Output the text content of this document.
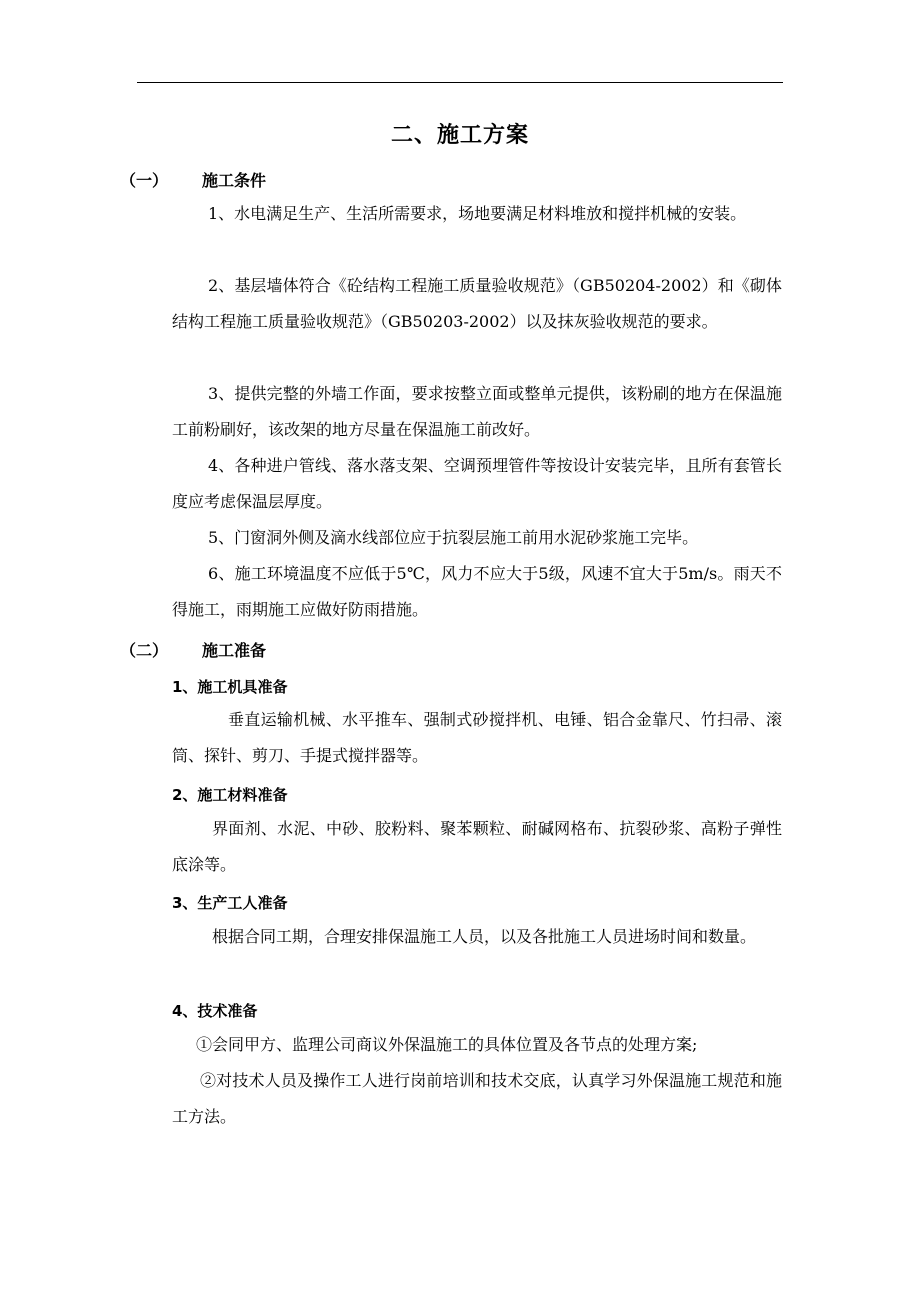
二、施工方案
（一） 施工条件
1、水电满足生产、生活所需要求，场地要满足材料堆放和搅拌机械的安装。
2、基层墙体符合《砼结构工程施工质量验收规范》（GB50204-2002）和《砌体结构工程施工质量验收规范》（GB50203-2002）以及抹灰验收规范的要求。
3、提供完整的外墙工作面，要求按整立面或整单元提供，该粉刷的地方在保温施工前粉刷好，该改架的地方尽量在保温施工前改好。
4、各种进户管线、落水落支架、空调预埋管件等按设计安装完毕，且所有套管长度应考虑保温层厚度。
5、门窗洞外侧及滴水线部位应于抗裂层施工前用水泥砂浆施工完毕。
6、施工环境温度不应低于5℃，风力不应大于5级，风速不宜大于5m/s。雨天不得施工，雨期施工应做好防雨措施。
（二） 施工准备
1、施工机具准备
垂直运输机械、水平推车、强制式砂搅拌机、电锤、铝合金靠尺、竹扫帚、滚筒、探针、剪刀、手提式搅拌器等。
2、施工材料准备
界面剂、水泥、中砂、胶粉料、聚苯颗粒、耐碱网格布、抗裂砂浆、高粉子弹性底涂等。
3、生产工人准备
根据合同工期，合理安排保温施工人员，以及各批施工人员进场时间和数量。
4、技术准备
①会同甲方、监理公司商议外保温施工的具体位置及各节点的处理方案;
②对技术人员及操作工人进行岗前培训和技术交底，认真学习外保温施工规范和施工方法。
